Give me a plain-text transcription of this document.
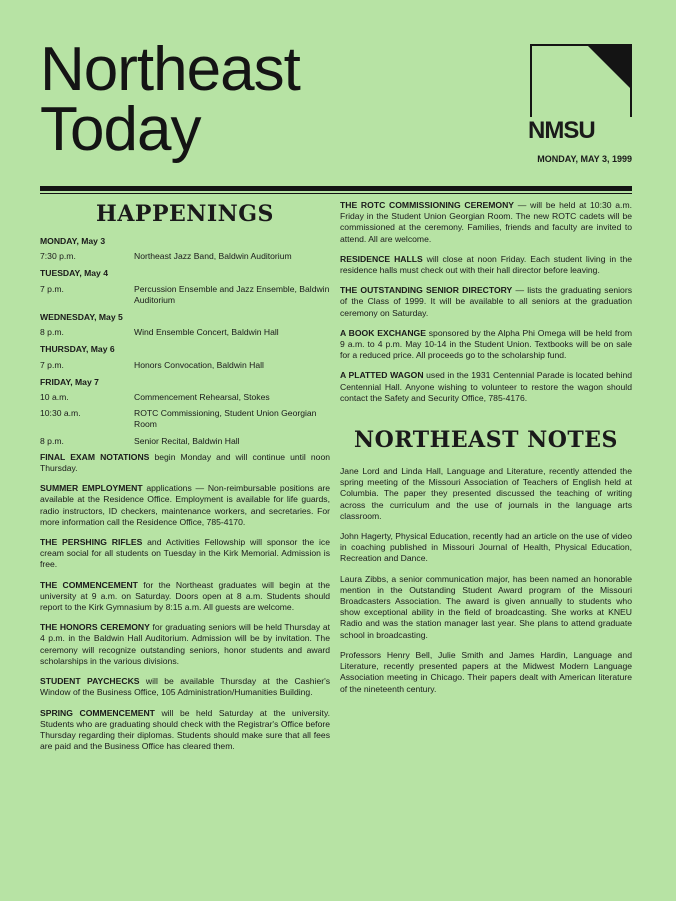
Northeast
Today	NMSU
MONDAY, MAY 3, 1999
HAPPENINGS
MONDAY, May 3
7:30 p.m.	Northeast Jazz Band, Baldwin Auditorium
TUESDAY, May 4
7 p.m.	Percussion Ensemble and Jazz Ensemble, Baldwin Auditorium
WEDNESDAY, May 5
8 p.m.	Wind Ensemble Concert, Baldwin Hall
THURSDAY, May 6
7 p.m.	Honors Convocation, Baldwin Hall
FRIDAY, May 7
10 a.m.	Commencement Rehearsal, Stokes
10:30 a.m.	ROTC Commissioning, Student Union Georgian Room
8 p.m.	Senior Recital, Baldwin Hall

FINAL EXAM NOTATIONS begin Monday and will continue until noon Thursday.

SUMMER EMPLOYMENT applications — Non-reimbursable positions are available at the Residence Office. Employment is available for life guards, radio instructors, ID checkers, maintenance workers, and secretaries. For more information call the Residence Office, 785-4170.

THE PERSHING RIFLES and Activities Fellowship will sponsor the ice cream social for all students on Tuesday in the Kirk Memorial. Admission is free.

THE COMMENCEMENT for the Northeast graduates will begin at the university at 9 a.m. on Saturday. Doors open at 8 a.m. Students should report to the Kirk Gymnasium by 8:15 a.m. All guests are welcome.

THE HONORS CEREMONY for graduating seniors will be held Thursday at 4 p.m. in the Baldwin Hall Auditorium. Admission will be by invitation. The ceremony will recognize outstanding seniors, honor students and award scholarships in the various divisions.

STUDENT PAYCHECKS will be available Thursday at the Cashier's Window of the Business Office, 105 Administration/Humanities Building.

SPRING COMMENCEMENT will be held Saturday at the university. Students who are graduating should check with the Registrar's Office before Thursday regarding their diplomas. Students should make sure that all fees are paid and the Business Office has cleared them.

THE ROTC COMMISSIONING CEREMONY — will be held at 10:30 a.m. Friday in the Student Union Georgian Room. The new ROTC cadets will be commissioned at the ceremony. Families, friends and faculty are invited to attend. All are welcome.

RESIDENCE HALLS will close at noon Friday. Each student living in the residence halls must check out with their hall director before leaving.

THE OUTSTANDING SENIOR DIRECTORY — lists the graduating seniors of the Class of 1999. It will be available to all seniors at the graduation ceremony on Saturday.

A BOOK EXCHANGE sponsored by the Alpha Phi Omega will be held from 9 a.m. to 4 p.m. May 10-14 in the Student Union. Textbooks will be on sale for a reduced price. All proceeds go to the scholarship fund.

A PLATTED WAGON used in the 1931 Centennial Parade is located behind Centennial Hall. Anyone wishing to volunteer to restore the wagon should contact the Safety and Security Office, 785-4176.

NORTHEAST NOTES

Jane Lord and Linda Hall, Language and Literature, recently attended the spring meeting of the Missouri Association of Teachers of English held at Columbia. The paper they presented discussed the teaching of writing across the curriculum and the use of journals in the language arts classroom.

John Hagerty, Physical Education, recently had an article on the use of video in coaching published in Missouri Journal of Health, Physical Education, Recreation and Dance.

Laura Zibbs, a senior communication major, has been named an honorable mention in the Outstanding Student Award program of the Missouri Broadcasters Association. The award is given annually to students who show exceptional ability in the field of broadcasting. She works at KNEU Radio and was the station manager last year. She plans to attend graduate school in broadcasting.

Professors Henry Bell, Julie Smith and James Hardin, Language and Literature, recently presented papers at the Midwest Modern Language Association meeting in Chicago. Their papers dealt with American literature of the nineteenth century.
